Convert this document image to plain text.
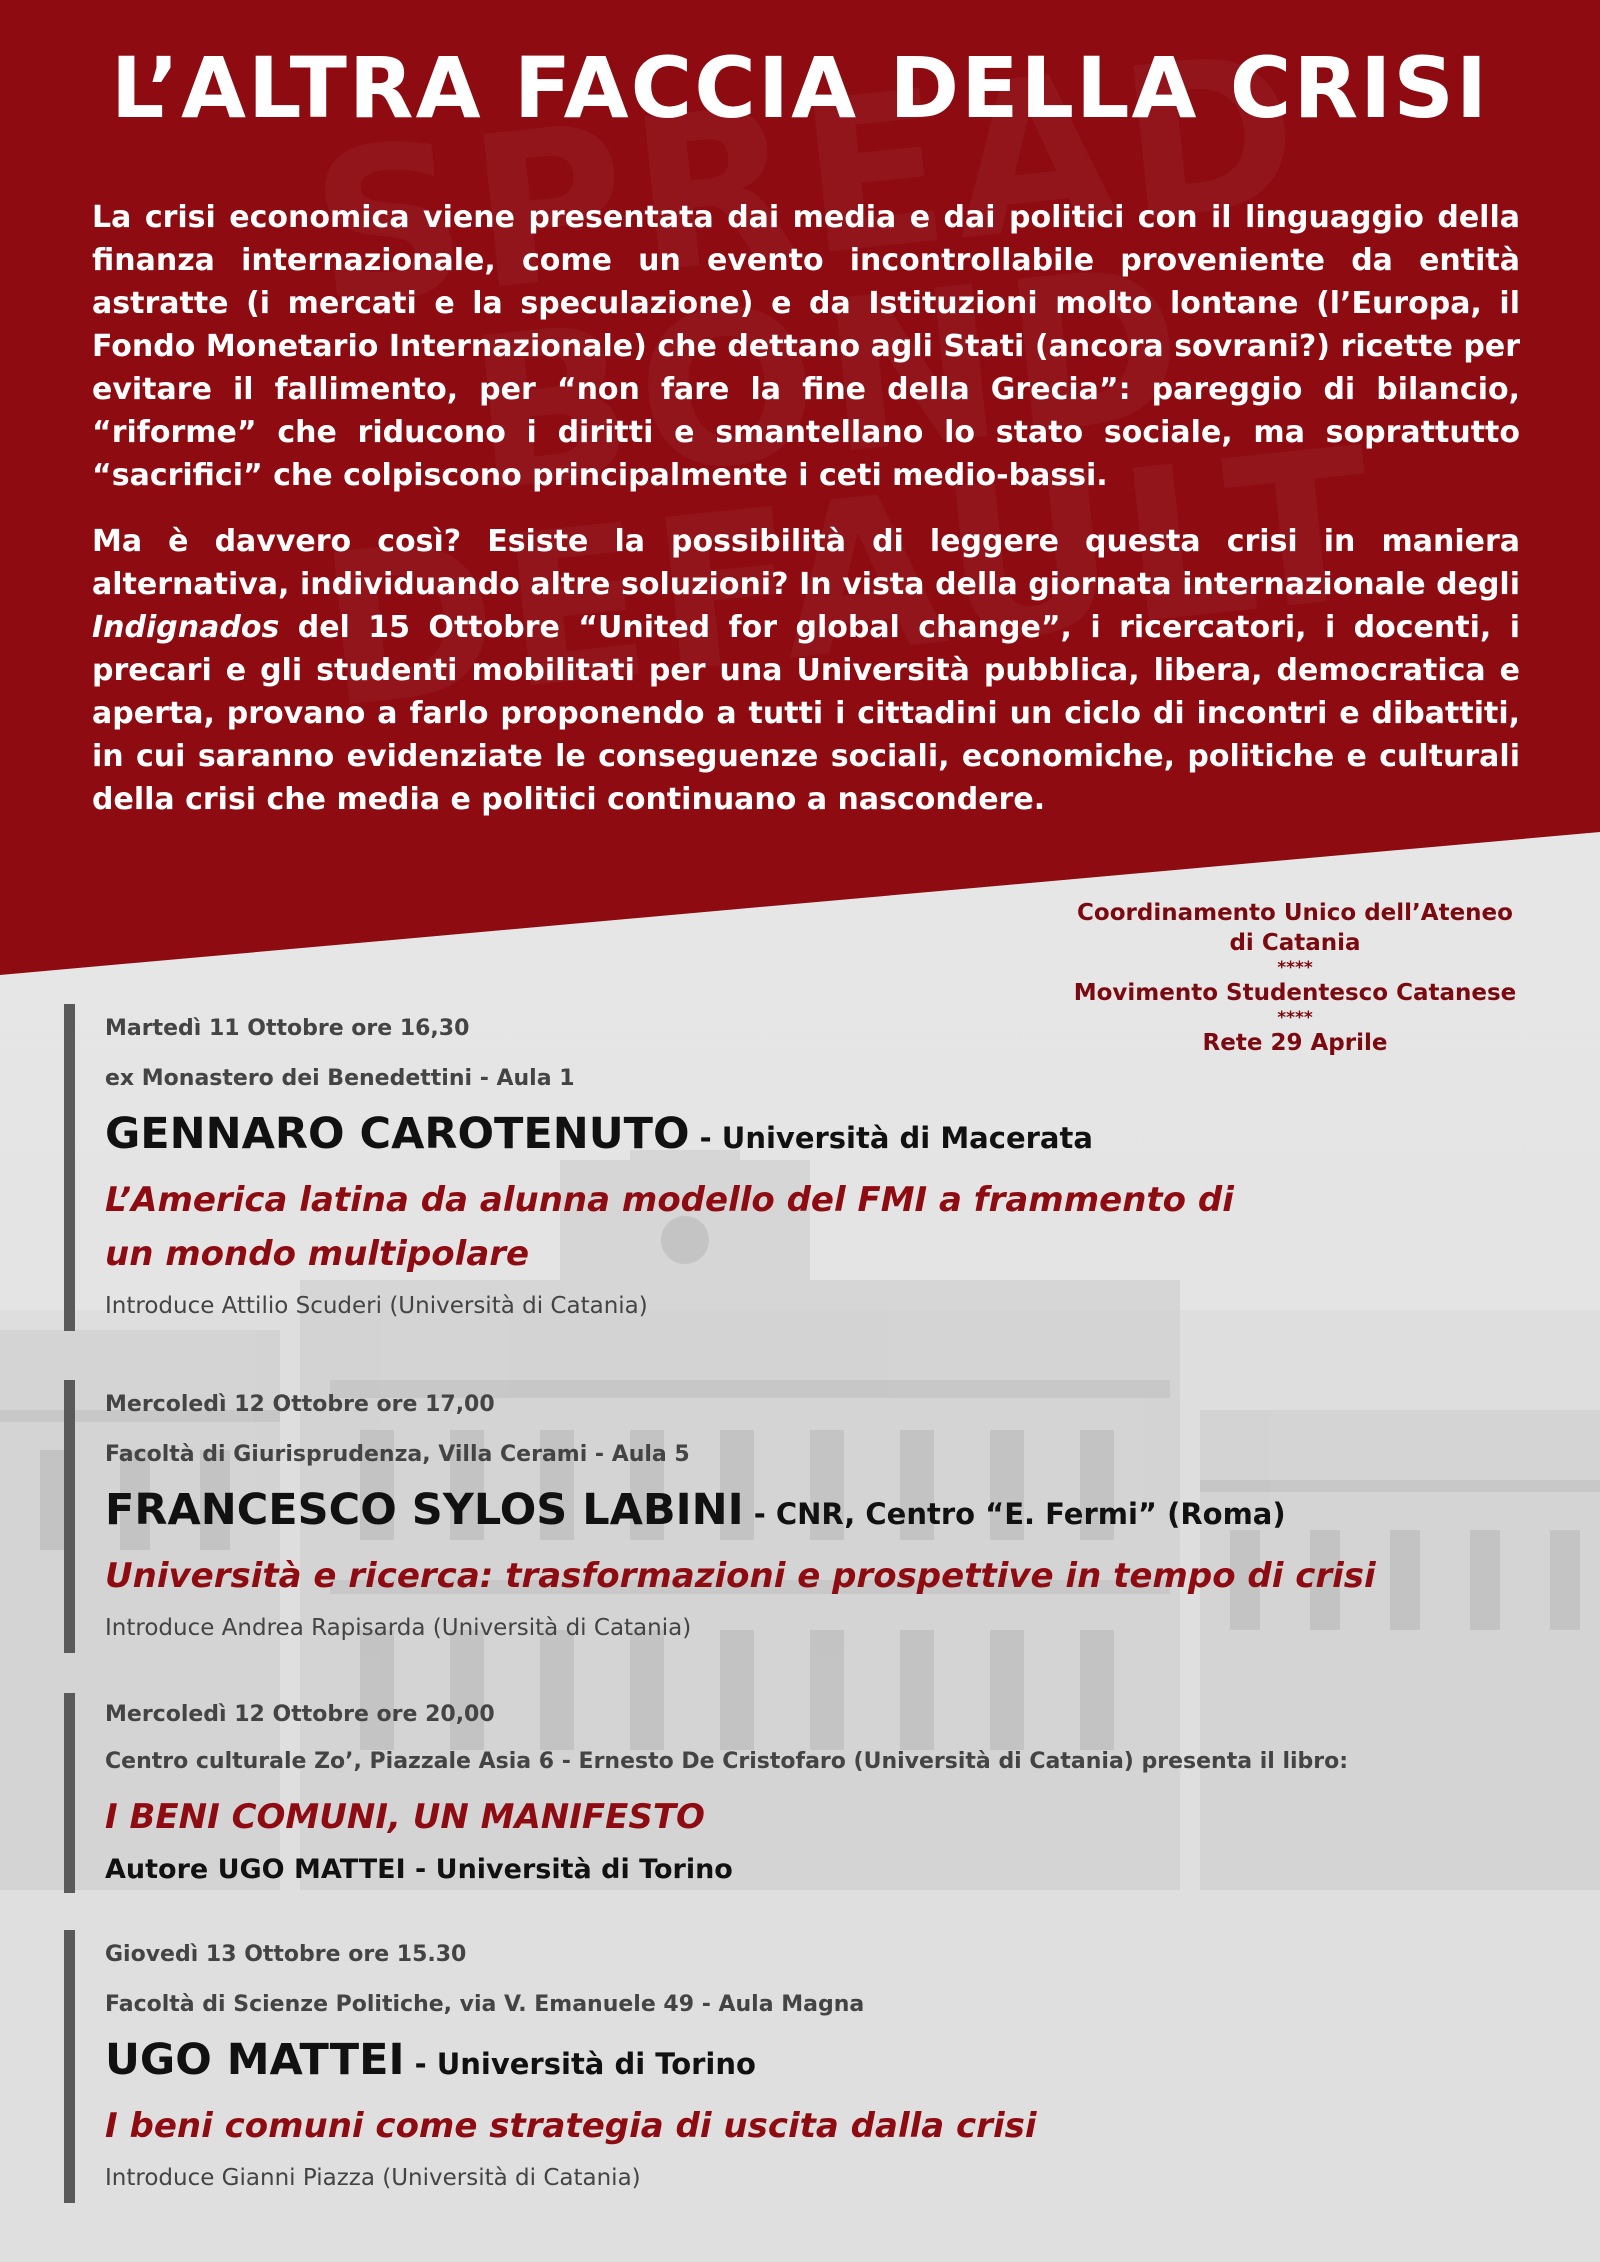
L’ALTRA FACCIA DELLA CRISI

La crisi economica viene presentata dai media e dai politici con il linguaggio della finanza internazionale, come un evento incontrollabile proveniente da entità astratte (i mercati e la speculazione) e da Istituzioni molto lontane (l’Europa, il Fondo Monetario Internazionale) che dettano agli Stati (ancora sovrani?) ricette per evitare il fallimento, per “non fare la fine della Grecia”: pareggio di bilancio, “riforme” che riducono i diritti e smantellano lo stato sociale, ma soprattutto “sacrifici” che colpiscono principalmente i ceti medio-bassi.

Ma è davvero così? Esiste la possibilità di leggere questa crisi in maniera alternativa, individuando altre soluzioni? In vista della giornata internazionale degli Indignados del 15 Ottobre “United for global change”, i ricercatori, i docenti, i precari e gli studenti mobilitati per una Università pubblica, libera, democratica e aperta, provano a farlo proponendo a tutti i cittadini un ciclo di incontri e dibattiti, in cui saranno evidenziate le conseguenze sociali, economiche, politiche e culturali della crisi che media e politici continuano a nascondere.

Coordinamento Unico dell’Ateneo
di Catania
****
Movimento Studentesco Catanese
****
Rete 29 Aprile
Martedì 11 Ottobre ore 16,30
ex Monastero dei Benedettini - Aula 1
GENNARO CAROTENUTO - Università di Macerata
L’America latina da alunna modello del FMI a frammento di
un mondo multipolare
Introduce Attilio Scuderi (Università di Catania)
Mercoledì 12 Ottobre ore 17,00
Facoltà di Giurisprudenza, Villa Cerami - Aula 5
FRANCESCO SYLOS LABINI - CNR, Centro “E. Fermi” (Roma)
Università e ricerca: trasformazioni e prospettive in tempo di crisi
Introduce Andrea Rapisarda (Università di Catania)
Mercoledì 12 Ottobre ore 20,00
Centro culturale Zo’, Piazzale Asia 6 - Ernesto De Cristofaro (Università di Catania) presenta il libro:
I BENI COMUNI, UN MANIFESTO
Autore UGO MATTEI - Università di Torino
Giovedì 13 Ottobre ore 15.30
Facoltà di Scienze Politiche, via V. Emanuele 49 - Aula Magna
UGO MATTEI - Università di Torino
I beni comuni come strategia di uscita dalla crisi
Introduce Gianni Piazza (Università di Catania)
